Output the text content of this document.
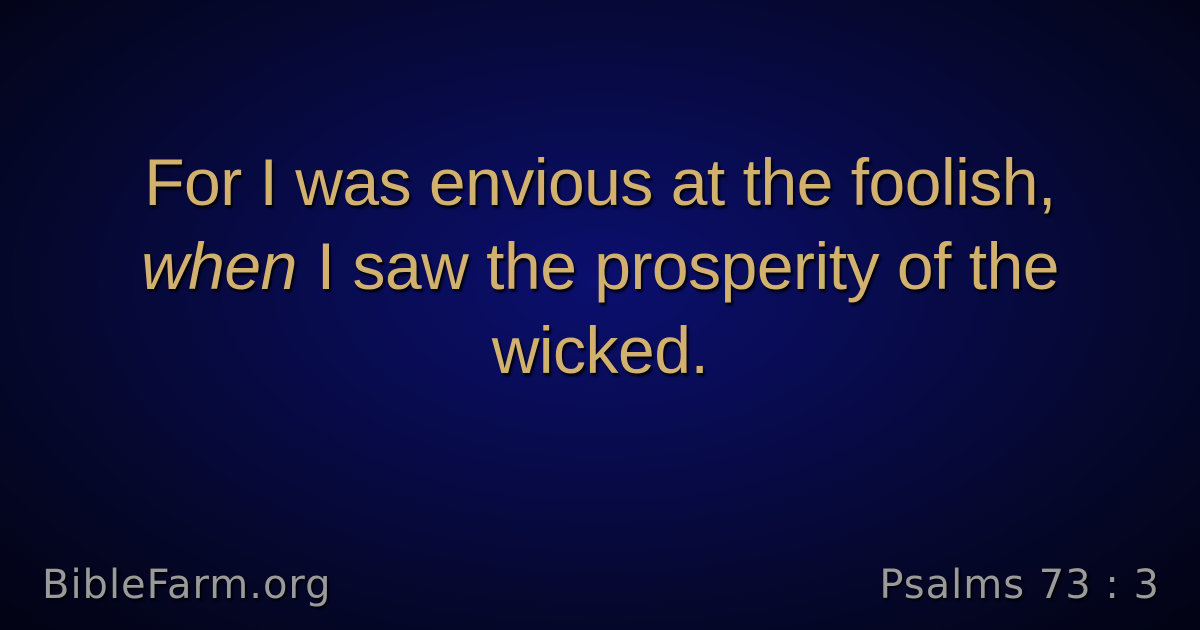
For I was envious at the foolish,
when I saw the prosperity of the
wicked.
BibleFarm.org	Psalms 73 : 3
